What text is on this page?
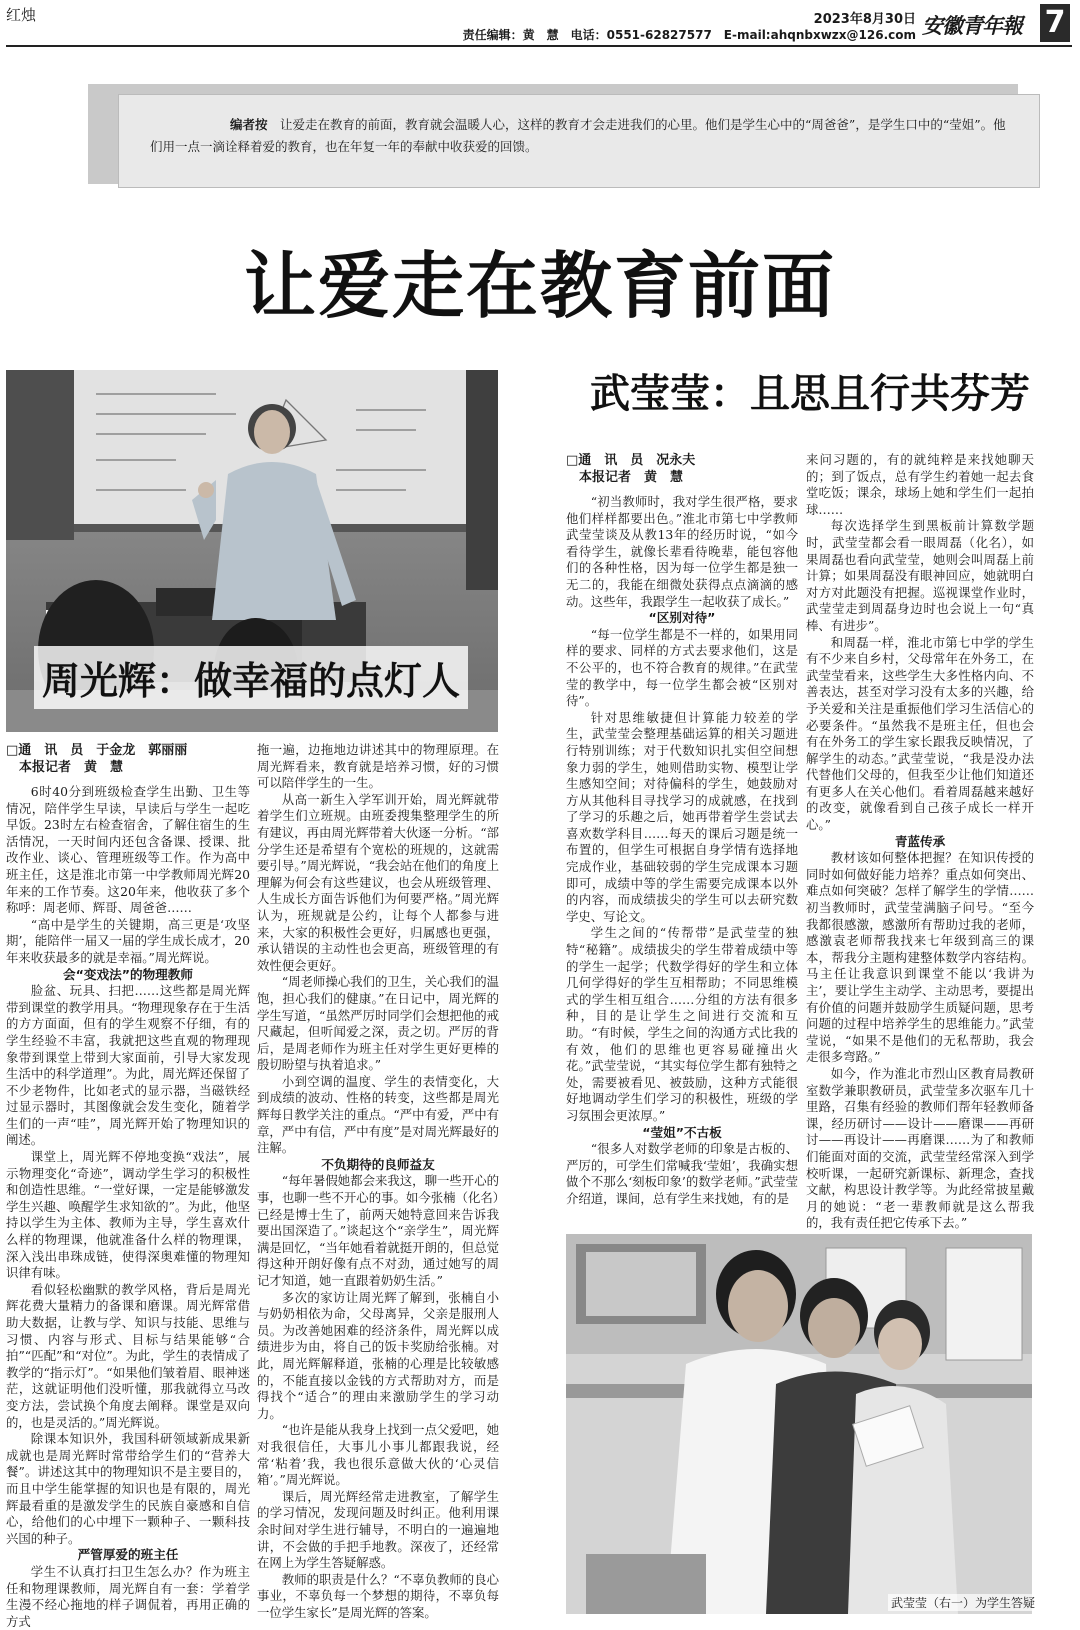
红烛	2023年8月30日
责任编辑：黄　慧　电话：0551-62827577　E-mail:ahqnbxwzx@126.com 安徽青年報 7
编者按　 让爱走在教育的前面，教育就会温暖人心，这样的教育才会走进我们的心里。他们是学生心中的“周爸爸”，是学生口中的“莹姐”。他们用一点一滴诠释着爱的教育，也在年复一年的奉献中收获爱的回馈。
让爱走在教育前面
周光辉：做幸福的点灯人
武莹莹：且思且行共芬芳
□通　讯　员　于金龙　郭丽丽
　本报记者　黄　慧

6时40分到班级检查学生出勤、卫生等情况，陪伴学生早读，早读后与学生一起吃早饭。23时左右检查宿舍，了解住宿生的生活情况，一天时间内还包含备课、授课、批改作业、谈心、管理班级等工作。作为高中班主任，这是淮北市第一中学教师周光辉20年来的工作节奏。这20年来，他收获了多个称呼：周老师、辉哥、周爸爸……

“高中是学生的关键期，高三更是‘攻坚期’，能陪伴一届又一届的学生成长成才，20年来收获最多的就是幸福。”周光辉说。

会“变戏法”的物理教师

脸盆、玩具、扫把……这些都是周光辉带到课堂的教学用具。“物理现象存在于生活的方方面面，但有的学生观察不仔细，有的学生经验不丰富，我就把这些直观的物理现象带到课堂上带到大家面前，引导大家发现生活中的科学道理”。为此，周光辉还保留了不少老物件，比如老式的显示器，当磁铁经过显示器时，其图像就会发生变化，随着学生们的一声“哇”，周光辉开始了物理知识的阐述。

课堂上，周光辉不停地变换“戏法”，展示物理变化“奇迹”，调动学生学习的积极性和创造性思维。“一堂好课，一定是能够激发学生兴趣、唤醒学生求知欲的”。为此，他坚持以学生为主体、教师为主导，学生喜欢什么样的物理课，他就准备什么样的物理课，深入浅出串珠成链，使得深奥难懂的物理知识律有味。

看似轻松幽默的教学风格，背后是周光辉花费大量精力的备课和磨课。周光辉常借助大数据，让教与学、知识与技能、思维与习惯、内容与形式、目标与结果能够“合拍”“匹配”和“对位”。为此，学生的表情成了教学的“指示灯”。“如果他们皱着眉、眼神迷茫，这就证明他们没听懂，那我就得立马改变方法，尝试换个角度去阐释。课堂是双向的，也是灵活的。”周光辉说。

除课本知识外，我国科研领域新成果新成就也是周光辉时常带给学生们的“营养大餐”。讲述这其中的物理知识不是主要目的，而且中学生能掌握的知识也是有限的，周光辉最看重的是激发学生的民族自豪感和自信心，给他们的心中埋下一颗种子、一颗科技兴国的种子。

严管厚爱的班主任

学生不认真打扫卫生怎么办？作为班主任和物理课教师，周光辉自有一套：学着学生漫不经心拖地的样子调侃着，再用正确的方式

拖一遍，边拖地边讲述其中的物理原理。在周光辉看来，教育就是培养习惯，好的习惯可以陪伴学生的一生。

从高一新生入学军训开始，周光辉就带着学生们立班规。由班委搜集整理学生的所有建议，再由周光辉带着大伙逐一分析。“部分学生还是希望有个宽松的班规的，这就需要引导。”周光辉说，“我会站在他们的角度上理解为何会有这些建议，也会从班级管理、人生成长方面告诉他们为何要严格。”周光辉认为，班规就是公约，让每个人都参与进来，大家的积极性会更好，归属感也更强，承认错误的主动性也会更高，班级管理的有效性便会更好。

“周老师操心我们的卫生，关心我们的温饱，担心我们的健康。”在日记中，周光辉的学生写道，“虽然严厉时同学们会想把他的戒尺藏起，但听闻爱之深，责之切。严厉的背后，是周老师作为班主任对学生更好更棒的殷切盼望与执着追求。”

小到空调的温度、学生的表情变化，大到成绩的波动、性格的转变，这些都是周光辉每日教学关注的重点。“严中有爱，严中有章，严中有信，严中有度”是对周光辉最好的注解。

不负期待的良师益友

“每年暑假她都会来我这，聊一些开心的事，也聊一些不开心的事。如今张楠（化名）已经是博士生了，前两天她特意回来告诉我要出国深造了。”谈起这个“亲学生”，周光辉满是回忆，“当年她看着就挺开朗的，但总觉得这种开朗好像有点不对劲，通过她写的周记才知道，她一直跟着奶奶生活。”

多次的家访让周光辉了解到，张楠自小与奶奶相依为命，父母离异，父亲是服刑人员。为改善她困难的经济条件，周光辉以成绩进步为由，将自己的饭卡奖励给张楠。对此，周光辉解释道，张楠的心理是比较敏感的，不能直接以金钱的方式帮助对方，而是得找个“适合”的理由来激励学生的学习动力。

“也许是能从我身上找到一点父爱吧，她对我很信任，大事儿小事儿都跟我说，经常‘粘着’我，我也很乐意做大伙的‘心灵信箱’。”周光辉说。

课后，周光辉经常走进教室，了解学生的学习情况，发现问题及时纠正。他利用课余时间对学生进行辅导，不明白的一遍遍地讲，不会做的手把手地教。深夜了，还经常在网上为学生答疑解惑。

教师的职责是什么？“不辜负教师的良心事业，不辜负每一个梦想的期待，不辜负每一位学生家长”是周光辉的答案。

□通　讯　员　况永夫
　本报记者　黄　慧

“初当教师时，我对学生很严格，要求他们样样都要出色。”淮北市第七中学教师武莹莹谈及从教13年的经历时说，“如今看待学生，就像长辈看待晚辈，能包容他们的各种性格，因为每一位学生都是独一无二的，我能在细微处获得点点滴滴的感动。这些年，我跟学生一起收获了成长。”

“区别对待”

“每一位学生都是不一样的，如果用同样的要求、同样的方式去要求他们，这是不公平的，也不符合教育的规律。”在武莹莹的教学中，每一位学生都会被“区别对待”。

针对思维敏捷但计算能力较差的学生，武莹莹会整理基础运算的相关习题进行特别训练；对于代数知识扎实但空间想象力弱的学生，她则借助实物、模型让学生感知空间；对待偏科的学生，她鼓励对方从其他科目寻找学习的成就感，在找到了学习的乐趣之后，她再带着学生尝试去喜欢数学科目……每天的课后习题是统一布置的，但学生可根据自身学情有选择地完成作业，基础较弱的学生完成课本习题即可，成绩中等的学生需要完成课本以外的内容，而成绩拔尖的学生可以去研究数学史、写论文。

学生之间的“传帮带”是武莹莹的独特“秘籍”。成绩拔尖的学生带着成绩中等的学生一起学；代数学得好的学生和立体几何学得好的学生互相帮助；不同思维模式的学生相互组合……分组的方法有很多种，目的是让学生之间进行交流和互助。“有时候，学生之间的沟通方式比我的有效，他们的思维也更容易碰撞出火花。”武莹莹说，“其实每位学生都有独特之处，需要被看见、被鼓励，这种方式能很好地调动学生们学习的积极性，班级的学习氛围会更浓厚。”

“莹姐”不古板

“很多人对数学老师的印象是古板的、严厉的，可学生们常喊我‘莹姐’，我确实想做个不那么‘刻板印象’的数学老师。”武莹莹介绍道，课间，总有学生来找她，有的是

来问习题的，有的就纯粹是来找她聊天的；到了饭点，总有学生约着她一起去食堂吃饭；课余，球场上她和学生们一起拍球……

每次选择学生到黑板前计算数学题时，武莹莹都会看一眼周磊（化名），如果周磊也看向武莹莹，她则会叫周磊上前计算；如果周磊没有眼神回应，她就明白对方对此题没有把握。巡视课堂作业时，武莹莹走到周磊身边时也会说上一句“真棒、有进步”。

和周磊一样，淮北市第七中学的学生有不少来自乡村，父母常年在外务工，在武莹莹看来，这些学生大多性格内向、不善表达，甚至对学习没有太多的兴趣，给予关爱和关注是重振他们学习生活信心的必要条件。“虽然我不是班主任，但也会有在外务工的学生家长跟我反映情况，了解学生的动态。”武莹莹说，“我是没办法代替他们父母的，但我至少让他们知道还有更多人在关心他们。看着周磊越来越好的改变，就像看到自己孩子成长一样开心。”

青蓝传承

教材该如何整体把握？在知识传授的同时如何做好能力培养？重点如何突出、难点如何突破？怎样了解学生的学情……初当教师时，武莹莹满脑子问号。“至今我都很感激，感激所有帮助过我的老师，感激袁老师帮我找来七年级到高三的课本，帮我分主题构建整体数学内容结构。马主任让我意识到课堂不能以‘我讲为主’，要让学生主动学、主动思考，要提出有价值的问题并鼓励学生质疑问题，思考问题的过程中培养学生的思维能力。”武莹莹说，“如果不是他们的无私帮助，我会走很多弯路。”

如今，作为淮北市烈山区教育局教研室数学兼职教研员，武莹莹多次驱车几十里路，召集有经验的教师们帮年轻教师备课，经历研讨——设计——磨课——再研讨——再设计——再磨课……为了和教师们能面对面的交流，武莹莹经常深入到学校听课，一起研究新课标、新理念，查找文献，构思设计教学等。为此经常披星戴月的她说：“老一辈教师就是这么帮我的，我有责任把它传承下去。”

武莹莹（右一）为学生答疑
